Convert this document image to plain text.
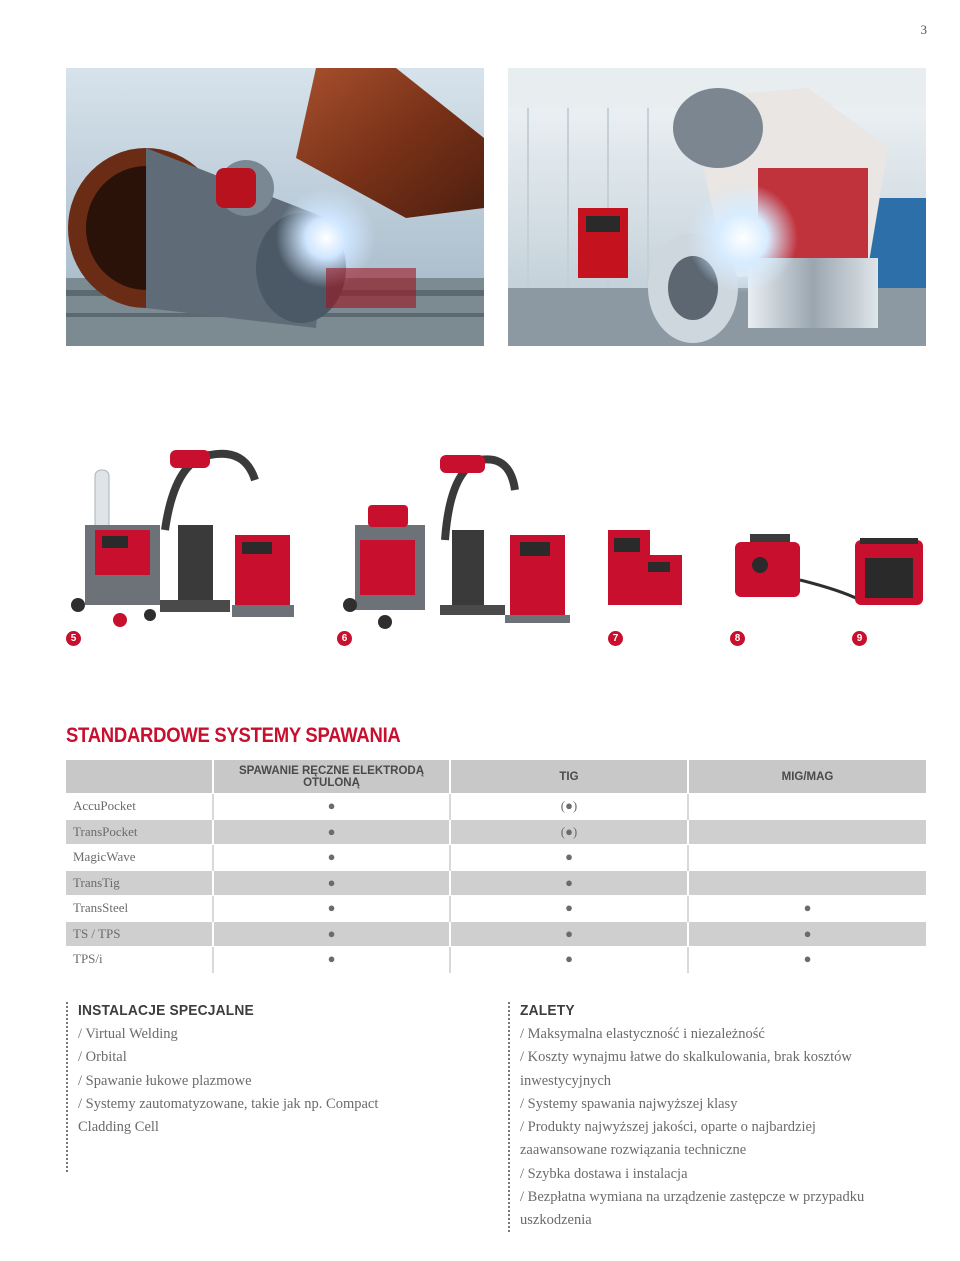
3
5	6	7	8	9
STANDARDOWE SYSTEMY SPAWANIA
	SPAWANIE RĘCZNE ELEKTRODĄ OTULONĄ	TIG	MIG/MAG
AccuPocket	●	(●)	
TransPocket	●	(●)	
MagicWave	●	●	
TransTig	●	●	
TransSteel	●	●	●
TS / TPS	●	●	●
TPS/i	●	●	●
INSTALACJE SPECJALNE
/ Virtual Welding
/ Orbital
/ Spawanie łukowe plazmowe
/ Systemy zautomatyzowane, takie jak np. Compact
Cladding Cell
ZALETY
/ Maksymalna elastyczność i niezależność
/ Koszty wynajmu łatwe do skalkulowania, brak kosztów
inwestycyjnych
/ Systemy spawania najwyższej klasy
/ Produkty najwyższej jakości, oparte o najbardziej
zaawansowane rozwiązania techniczne
/ Szybka dostawa i instalacja
/ Bezpłatna wymiana na urządzenie zastępcze w przypadku
uszkodzenia
